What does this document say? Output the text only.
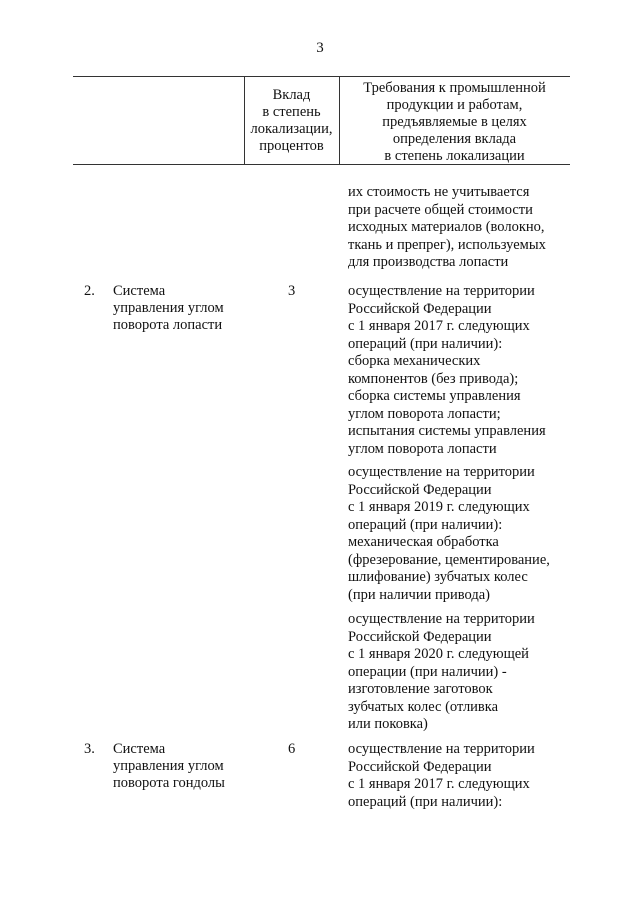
3
Вклад
в степень
локализации,
процентов
Требования к промышленной
продукции и работам,
предъявляемые в целях
определения вклада
в степень локализации
их стоимость не учитывается
при расчете общей стоимости
исходных материалов (волокно,
ткань и препрег), используемых
для производства лопасти
2. Система
управления углом
поворота лопасти
3	осуществление на территории
Российской Федерации
с 1 января 2017 г. следующих
операций (при наличии):
сборка механических
компонентов (без привода);
сборка системы управления
углом поворота лопасти;
испытания системы управления
углом поворота лопасти
осуществление на территории
Российской Федерации
с 1 января 2019 г. следующих
операций (при наличии):
механическая обработка
(фрезерование, цементирование,
шлифование) зубчатых колес
(при наличии привода)
осуществление на территории
Российской Федерации
с 1 января 2020 г. следующей
операции (при наличии) -
изготовление заготовок
зубчатых колес (отливка
или поковка)
3. Система
управления углом
поворота гондолы
6	осуществление на территории
Российской Федерации
с 1 января 2017 г. следующих
операций (при наличии):
